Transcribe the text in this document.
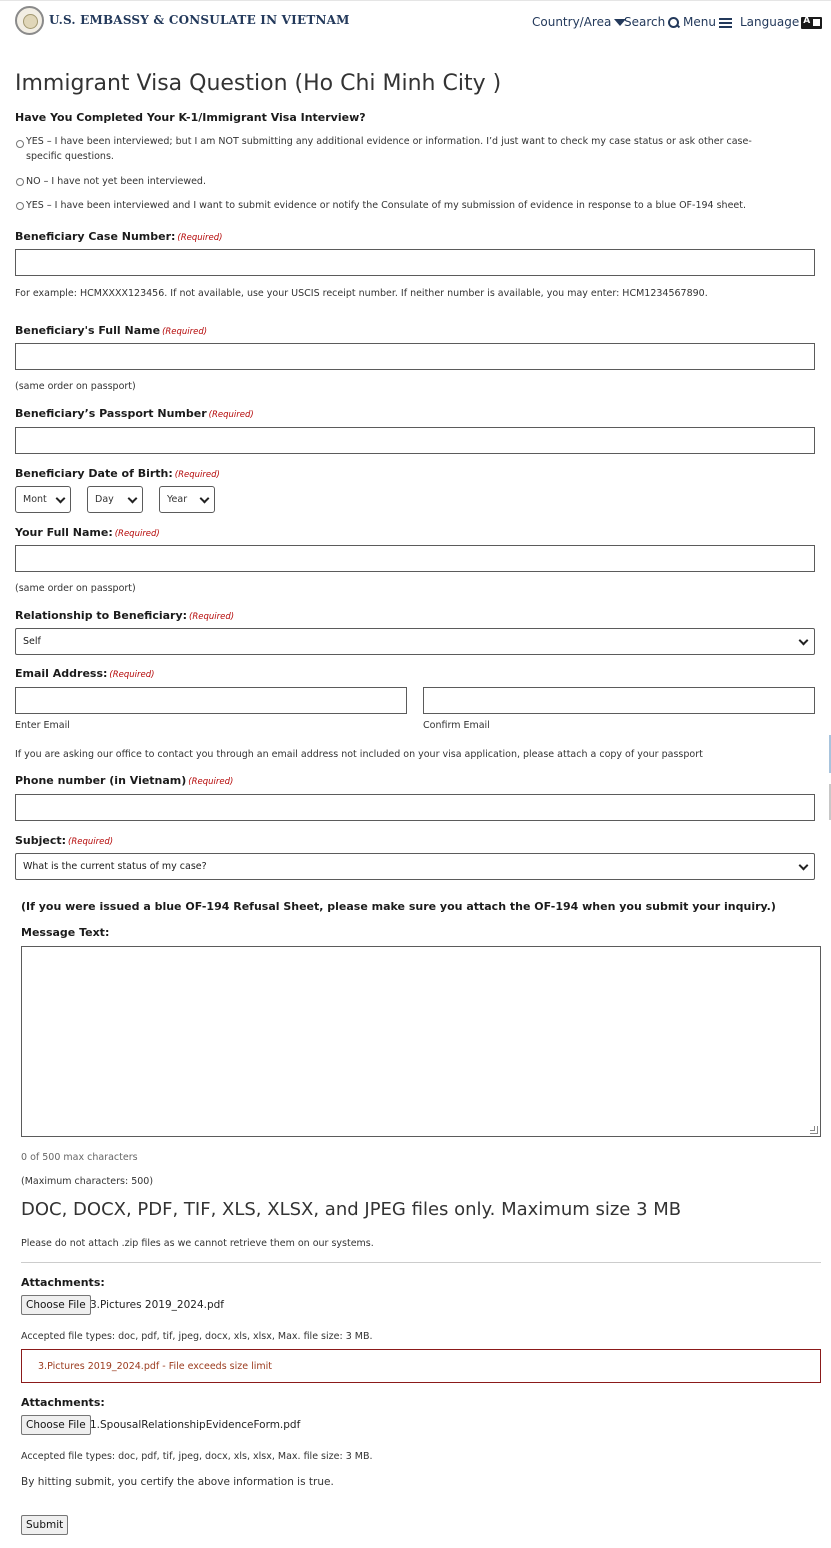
U.S. EMBASSY & CONSULATE IN VIETNAM	Country/Area	Search	Menu	LanguageA
Immigrant Visa Question (Ho Chi Minh City )
Have You Completed Your K-1/Immigrant Visa Interview?
YES – I have been interviewed; but I am NOT submitting any additional evidence or information. I’d just want to check my case status or ask other case-specific questions.
NO – I have not yet been interviewed.
YES – I have been interviewed and I want to submit evidence or notify the Consulate of my submission of evidence in response to a blue OF-194 sheet.
Beneficiary Case Number: (Required)
For example: HCMXXXX123456. If not available, use your USCIS receipt number. If neither number is available, you may enter: HCM1234567890.
Beneficiary's Full Name (Required)
(same order on passport)
Beneficiary’s Passport Number (Required)
Beneficiary Date of Birth: (Required)
Mont	Day	Year
Your Full Name: (Required)
(same order on passport)
Relationship to Beneficiary: (Required)
Self
Email Address: (Required)
Enter Email	Confirm Email
If you are asking our office to contact you through an email address not included on your visa application, please attach a copy of your passport
Phone number (in Vietnam) (Required)
Subject: (Required)
What is the current status of my case?
(If you were issued a blue OF-194 Refusal Sheet, please make sure you attach the OF-194 when you submit your inquiry.)
Message Text:
0 of 500 max characters
(Maximum characters: 500)
DOC, DOCX, PDF, TIF, XLS, XLSX, and JPEG files only. Maximum size 3 MB
Please do not attach .zip files as we cannot retrieve them on our systems.
Attachments:
Choose File 3.Pictures 2019_2024.pdf
Accepted file types: doc, pdf, tif, jpeg, docx, xls, xlsx, Max. file size: 3 MB.
3.Pictures 2019_2024.pdf - File exceeds size limit
Attachments:
Choose File 1.SpousalRelationshipEvidenceForm.pdf
Accepted file types: doc, pdf, tif, jpeg, docx, xls, xlsx, Max. file size: 3 MB.
By hitting submit, you certify the above information is true.
Submit
